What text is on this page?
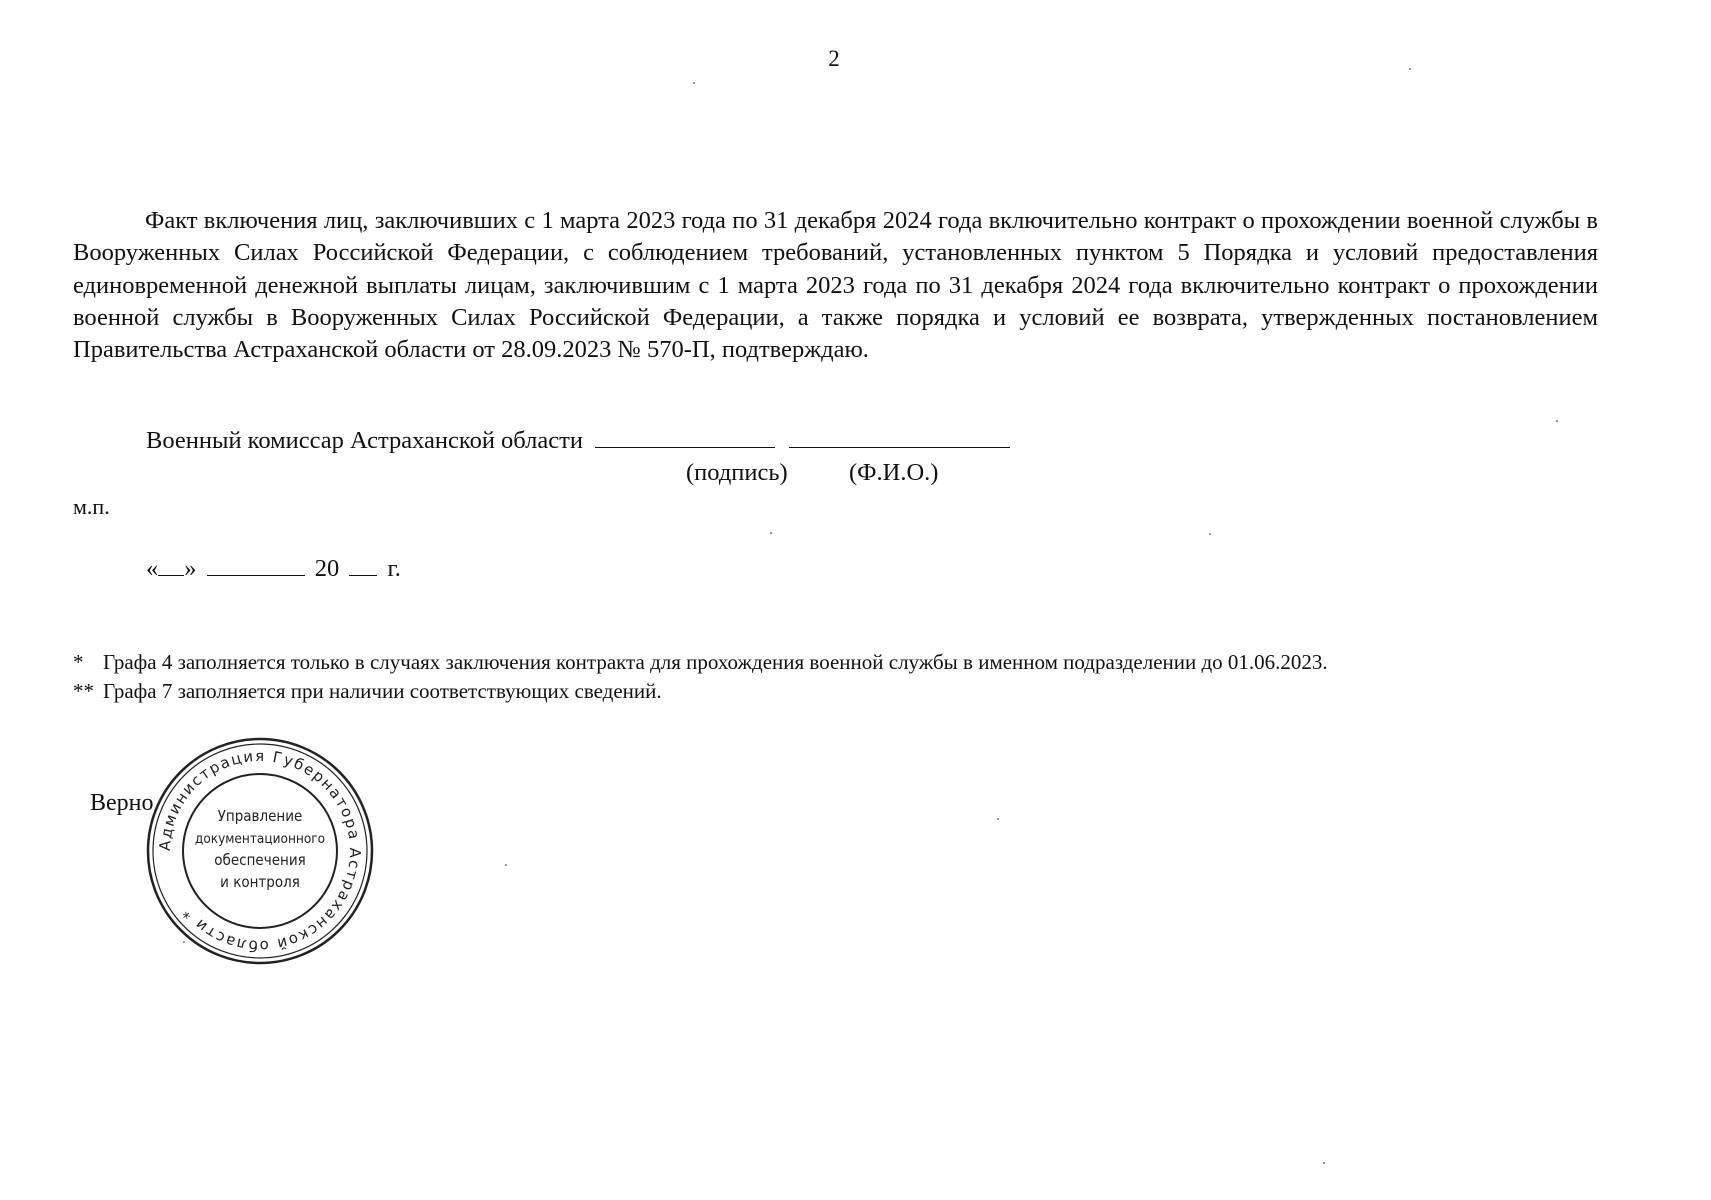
2

Факт включения лиц, заключивших с 1 марта 2023 года по 31 декабря 2024 года включительно контракт о прохождении военной службы в Вооруженных Силах Российской Федерации, с соблюдением требований, установленных пунктом 5 Порядка и условий предоставления единовременной денежной выплаты лицам, заключившим с 1 марта 2023 года по 31 декабря 2024 года включительно контракт о прохождении военной службы в Вооруженных Силах Российской Федерации, а также порядка и условий ее возврата, утвержденных постановлением Правительства Астраханской области от 28.09.2023 № 570-П, подтверждаю.

Военный комиссар Астраханской области
(подпись)	(Ф.И.О.)
м.п.
« »	20 г.
* Графа 4 заполняется только в случаях заключения контракта для прохождения военной службы в именном подразделении до 01.06.2023.
** Графа 7 заполняется при наличии соответствующих сведений.
Верно
Администрация Губернатора Астраханской области *
Управление
документационного
обеспечения
и контроля
